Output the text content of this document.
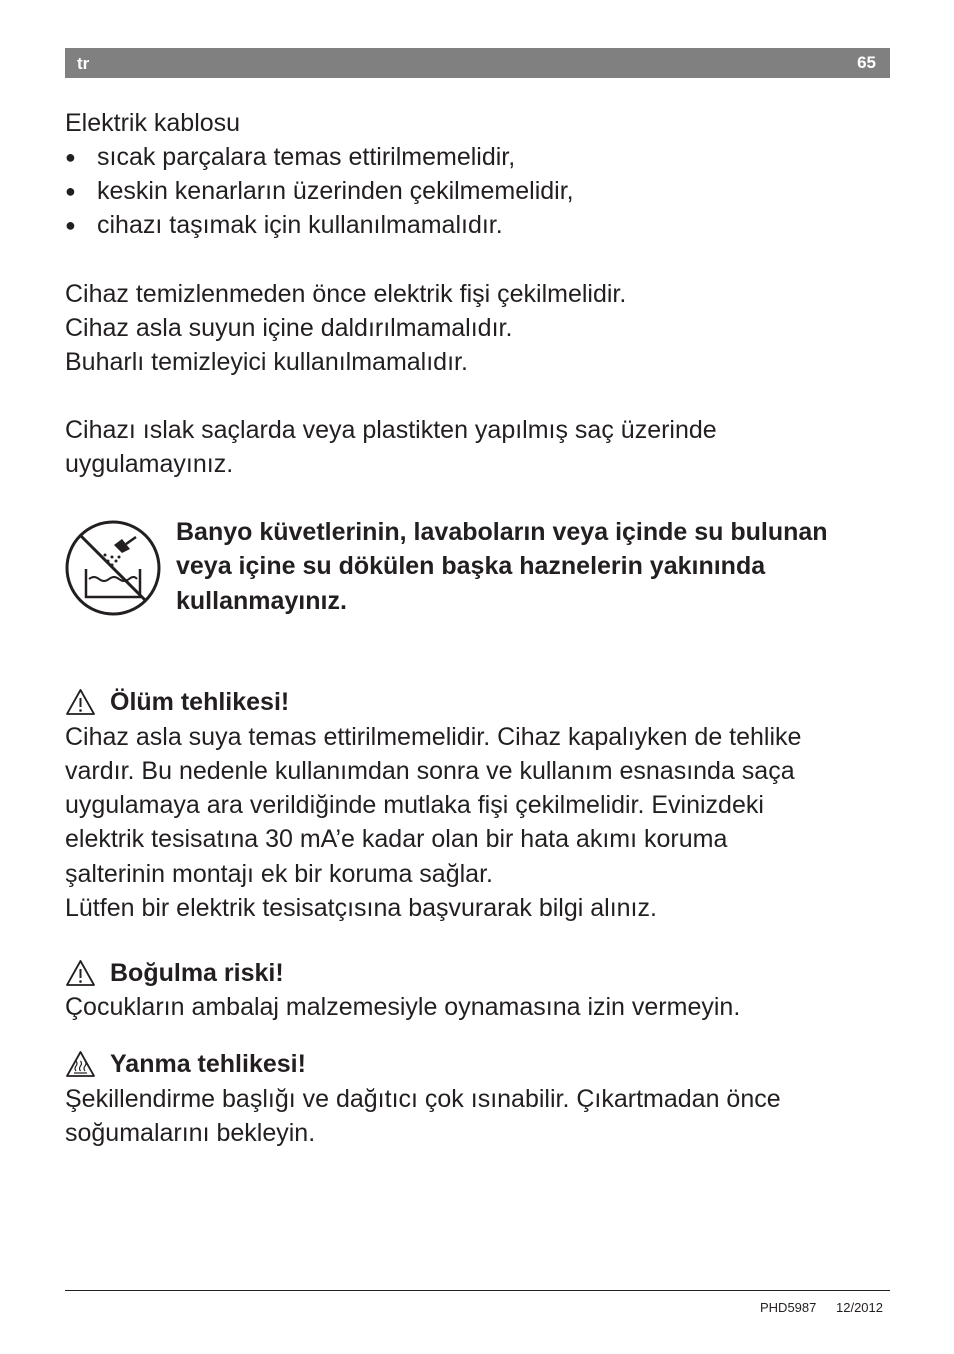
tr	65
Elektrik kablosu
● sıcak parçalara temas ettirilmemelidir,
● keskin kenarların üzerinden çekilmemelidir,
● cihazı taşımak için kullanılmamalıdır.
Cihaz temizlenmeden önce elektrik fişi çekilmelidir.
Cihaz asla suyun içine daldırılmamalıdır.
Buharlı temizleyici kullanılmamalıdır.
Cihazı ıslak saçlarda veya plastikten yapılmış saç üzerinde
uygulamayınız.
Banyo küvetlerinin, lavaboların veya içinde su bulunan
veya içine su dökülen başka haznelerin yakınında
kullanmayınız.
Ölüm tehlikesi!
Cihaz asla suya temas ettirilmemelidir. Cihaz kapalıyken de tehlike
vardır. Bu nedenle kullanımdan sonra ve kullanım esnasında saça
uygulamaya ara verildiğinde mutlaka fişi çekilmelidir. Evinizdeki
elektrik tesisatına 30 mA’e kadar olan bir hata akımı koruma
şalterinin montajı ek bir koruma sağlar.
Lütfen bir elektrik tesisatçısına başvurarak bilgi alınız.
Boğulma riski!
Çocukların ambalaj malzemesiyle oynamasına izin vermeyin.
Yanma tehlikesi!
Şekillendirme başlığı ve dağıtıcı çok ısınabilir. Çıkartmadan önce
soğumalarını bekleyin.
PHD5987 12/2012
